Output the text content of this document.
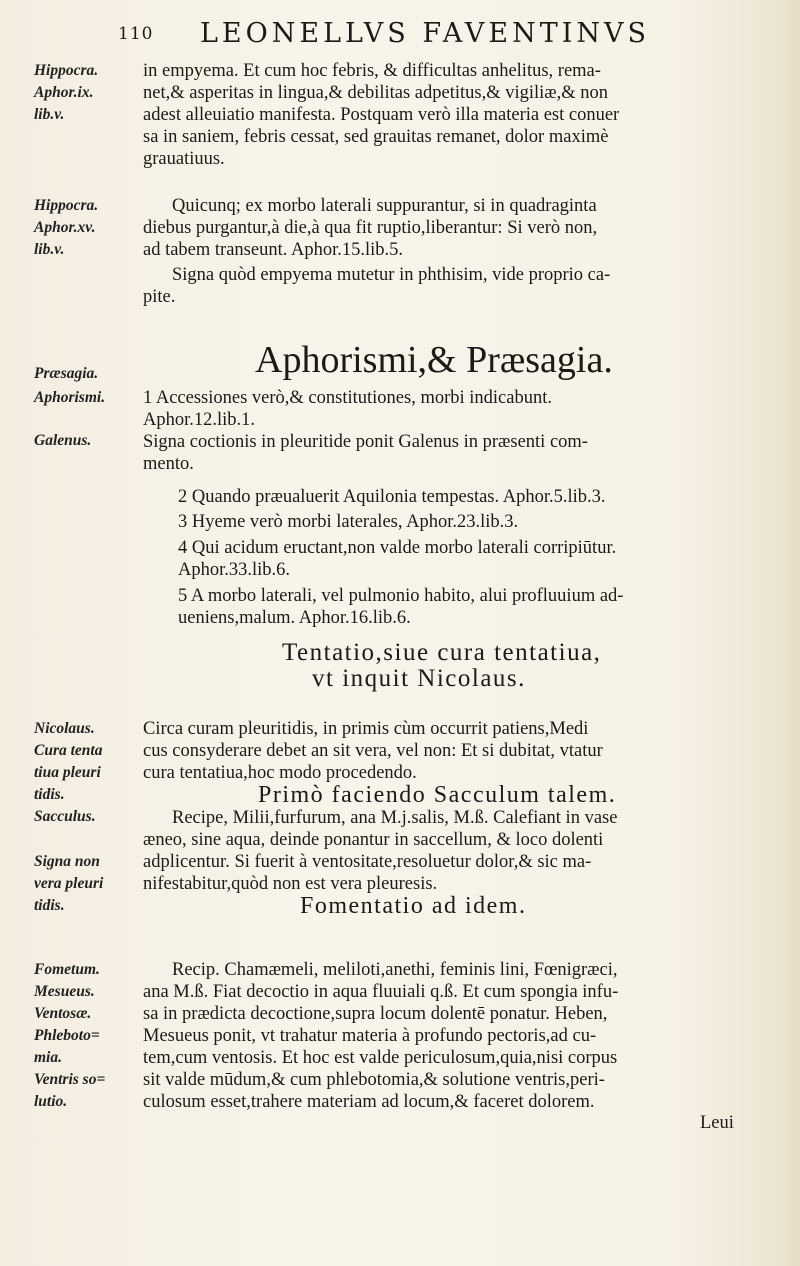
110 LEONELLVS FAVENTINVS
Hippocra.
Aphor.ix.
lib.v.
Hippocra.
Aphor.xv.
lib.v.
Præsagia.
Aphorismi.
Galenus.
Nicolaus.
Cura tenta
tiua pleuri
tidis.
Sacculus.
Signa non
vera pleuri
tidis.
Fometum.
Mesueus.
Ventosæ.
Phleboto=
mia.
Ventris so=
lutio.
in empyema. Et cum hoc febris, & difficultas anhelitus, rema-
net,& asperitas in lingua,& debilitas adpetitus,& vigiliæ,& non
adest alleuiatio manifesta. Postquam verò illa materia est conuer
sa in saniem, febris cessat, sed grauitas remanet, dolor maximè
grauatiuus.
Quicunq; ex morbo laterali suppurantur, si in quadraginta
diebus purgantur,à die,à qua fit ruptio,liberantur: Si verò non,
ad tabem transeunt. Aphor.15.lib.5.
Signa quòd empyema mutetur in phthisim, vide proprio ca-
pite.
Aphorismi,& Præsagia.
1 Accessiones verò,& constitutiones, morbi indicabunt.
Aphor.12.lib.1.
Signa coctionis in pleuritide ponit Galenus in præsenti com-
mento.
2 Quando præualuerit Aquilonia tempestas. Aphor.5.lib.3.
3 Hyeme verò morbi laterales, Aphor.23.lib.3.
4 Qui acidum eructant,non valde morbo laterali corripiūtur.
Aphor.33.lib.6.
5 A morbo laterali, vel pulmonio habito, alui profluuium ad-
ueniens,malum. Aphor.16.lib.6.
Tentatio,siue cura tentatiua,
vt inquit Nicolaus.
Circa curam pleuritidis, in primis cùm occurrit patiens,Medi
cus consyderare debet an sit vera, vel non: Et si dubitat, vtatur
cura tentatiua,hoc modo procedendo.
Primò faciendo Sacculum talem.
Recipe, Milii,furfurum, ana M.j.salis, M.ß. Calefiant in vase
æneo, sine aqua, deinde ponantur in saccellum, & loco dolenti
adplicentur. Si fuerit à ventositate,resoluetur dolor,& sic ma-
nifestabitur,quòd non est vera pleuresis.
Fomentatio ad idem.
Recip. Chamæmeli, meliloti,anethi, feminis lini, Fœnigræci,
ana M.ß. Fiat decoctio in aqua fluuiali q.ß. Et cum spongia infu-
sa in prædicta decoctione,supra locum dolentē ponatur. Heben,
Mesueus ponit, vt trahatur materia à profundo pectoris,ad cu-
tem,cum ventosis. Et hoc est valde periculosum,quia,nisi corpus
sit valde mūdum,& cum phlebotomia,& solutione ventris,peri-
culosum esset,trahere materiam ad locum,& faceret dolorem.
Leui
